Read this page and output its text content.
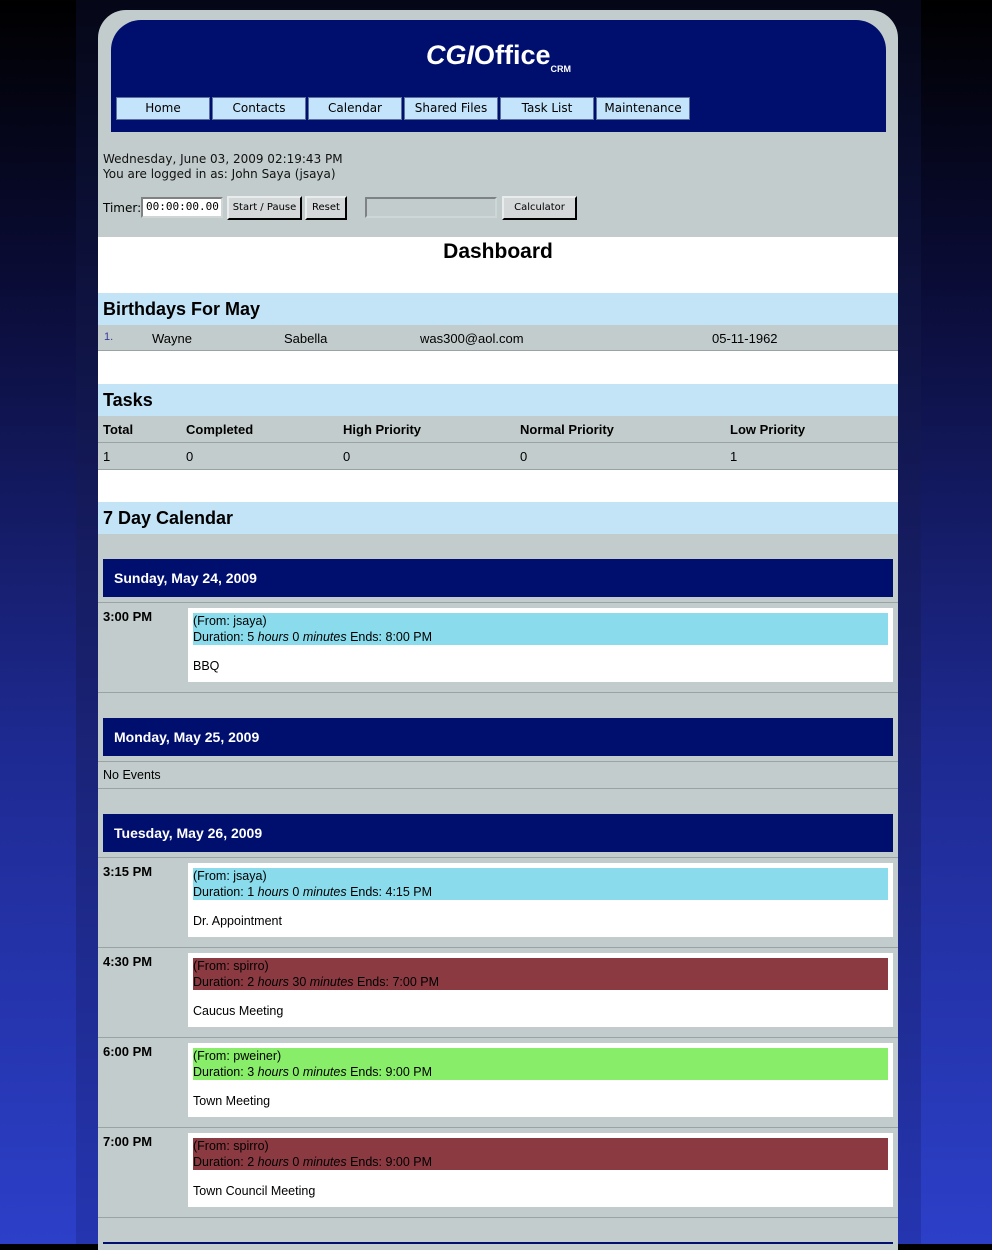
CGIOffice$^{CRM}$
Home	Contacts	Calendar	Shared Files	Task List	Maintenance
Wednesday, June 03, 2009 02:19:43 PM
You are logged in as: John Saya (jsaya)
Timer: 00:00:00.00	Start / Pause	Reset	Calculator
Dashboard
Birthdays For May
1.	Wayne	Sabella	was300@aol.com	05-11-1962
Tasks
Total	Completed	High Priority	Normal Priority	Low Priority
1	0	0	0	1
7 Day Calendar
Sunday, May 24, 2009
3:00 PM	(From: jsaya)
Duration: 5 hours 0 minutes Ends: 8:00 PM
BBQ
Monday, May 25, 2009
No Events
Tuesday, May 26, 2009
3:15 PM	(From: jsaya)
Duration: 1 hours 0 minutes Ends: 4:15 PM
Dr. Appointment
4:30 PM	(From: spirro)
Duration: 2 hours 30 minutes Ends: 7:00 PM
Caucus Meeting
6:00 PM	(From: pweiner)
Duration: 3 hours 0 minutes Ends: 9:00 PM
Town Meeting
7:00 PM	(From: spirro)
Duration: 2 hours 0 minutes Ends: 9:00 PM
Town Council Meeting
